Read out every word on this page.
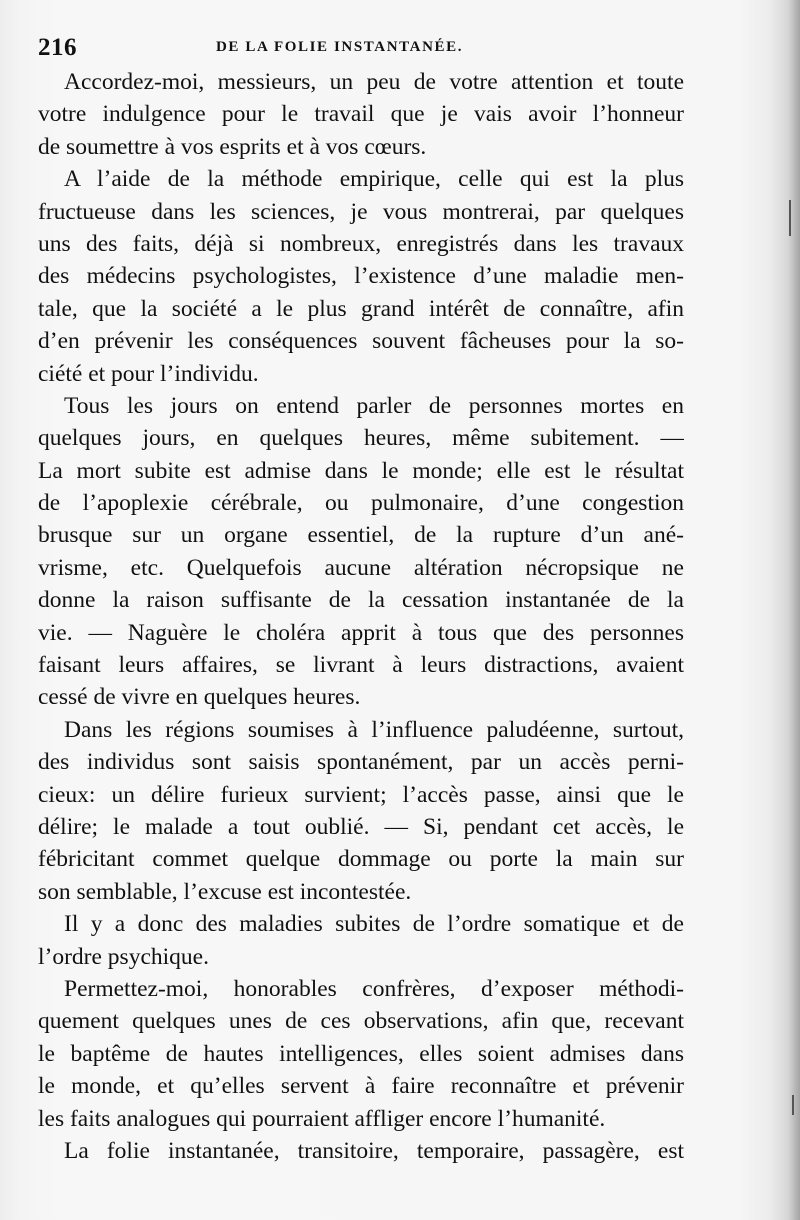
216	DE LA FOLIE INSTANTANÉE.
Accordez-moi, messieurs, un peu de votre attention et toute
votre indulgence pour le travail que je vais avoir l’honneur
de soumettre à vos esprits et à vos cœurs.
A l’aide de la méthode empirique, celle qui est la plus
fructueuse dans les sciences, je vous montrerai, par quelques
uns des faits, déjà si nombreux, enregistrés dans les travaux
des médecins psychologistes, l’existence d’une maladie men-
tale, que la société a le plus grand intérêt de connaître, afin
d’en prévenir les conséquences souvent fâcheuses pour la so-
ciété et pour l’individu.
Tous les jours on entend parler de personnes mortes en
quelques jours, en quelques heures, même subitement. —
La mort subite est admise dans le monde; elle est le résultat
de l’apoplexie cérébrale, ou pulmonaire, d’une congestion
brusque sur un organe essentiel, de la rupture d’un ané-
vrisme, etc. Quelquefois aucune altération nécropsique ne
donne la raison suffisante de la cessation instantanée de la
vie. — Naguère le choléra apprit à tous que des personnes
faisant leurs affaires, se livrant à leurs distractions, avaient
cessé de vivre en quelques heures.
Dans les régions soumises à l’influence paludéenne, surtout,
des individus sont saisis spontanément, par un accès perni-
cieux: un délire furieux survient; l’accès passe, ainsi que le
délire; le malade a tout oublié. — Si, pendant cet accès, le
fébricitant commet quelque dommage ou porte la main sur
son semblable, l’excuse est incontestée.
Il y a donc des maladies subites de l’ordre somatique et de
l’ordre psychique.
Permettez-moi, honorables confrères, d’exposer méthodi-
quement quelques unes de ces observations, afin que, recevant
le baptême de hautes intelligences, elles soient admises dans
le monde, et qu’elles servent à faire reconnaître et prévenir
les faits analogues qui pourraient affliger encore l’humanité.
La folie instantanée, transitoire, temporaire, passagère, est
